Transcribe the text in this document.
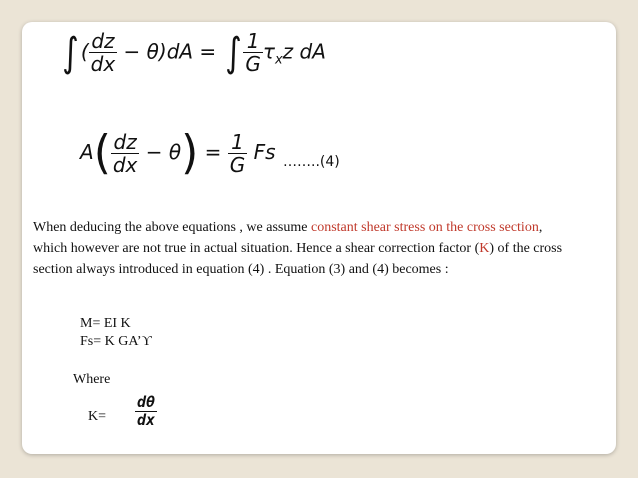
∫ ( $\frac{dz}{dx} - \theta)dA$ = ∫ $\frac{1}{G} \tau_xz$ dA
$A( \frac{dz}{dx} - \theta) = \frac{1}{G}$ Fs ……..(4)
When deducing the above equations , we assume constant shear stress on the cross section, which however are not true in actual situation. Hence a shear correction factor (K) of the cross section always introduced in equation (4) . Equation (3) and (4) becomes :
M= EI K
Fs= K GA’ϒ
Where
$K= \frac{d\theta}{dx}$
